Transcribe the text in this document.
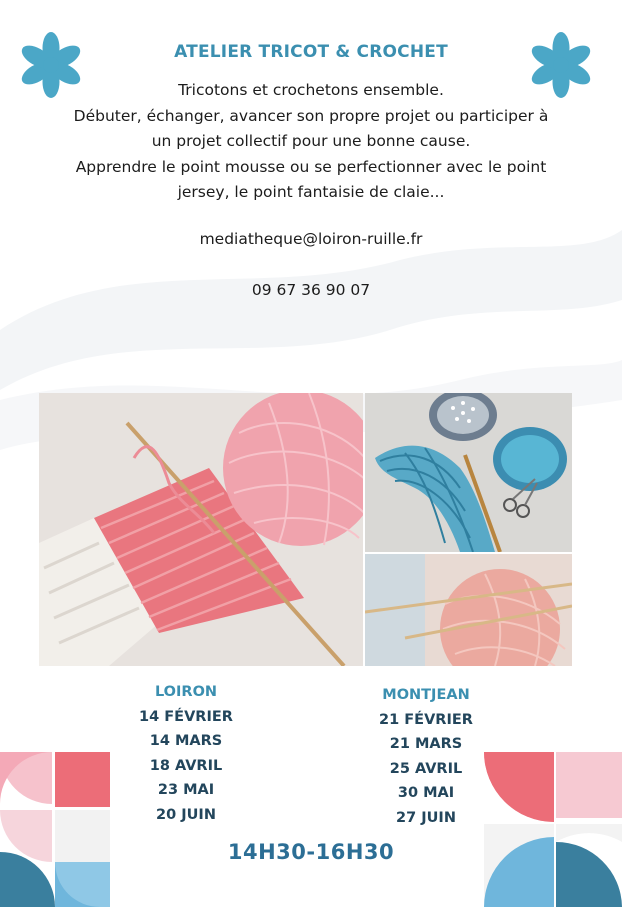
ATELIER TRICOT & CROCHET
Tricotons et crochetons ensemble.
Débuter, échanger, avancer son propre projet ou participer à
un projet collectif pour une bonne cause.
Apprendre le point mousse ou se perfectionner avec le point
jersey, le point fantaisie de claie...
mediatheque@loiron-ruille.fr
09 67 36 90 07
LOIRON
14 FÉVRIER
14 MARS
18 AVRIL
23 MAI
20 JUIN
MONTJEAN
21 FÉVRIER
21 MARS
25 AVRIL
30 MAI
27 JUIN
14H30-16H30
